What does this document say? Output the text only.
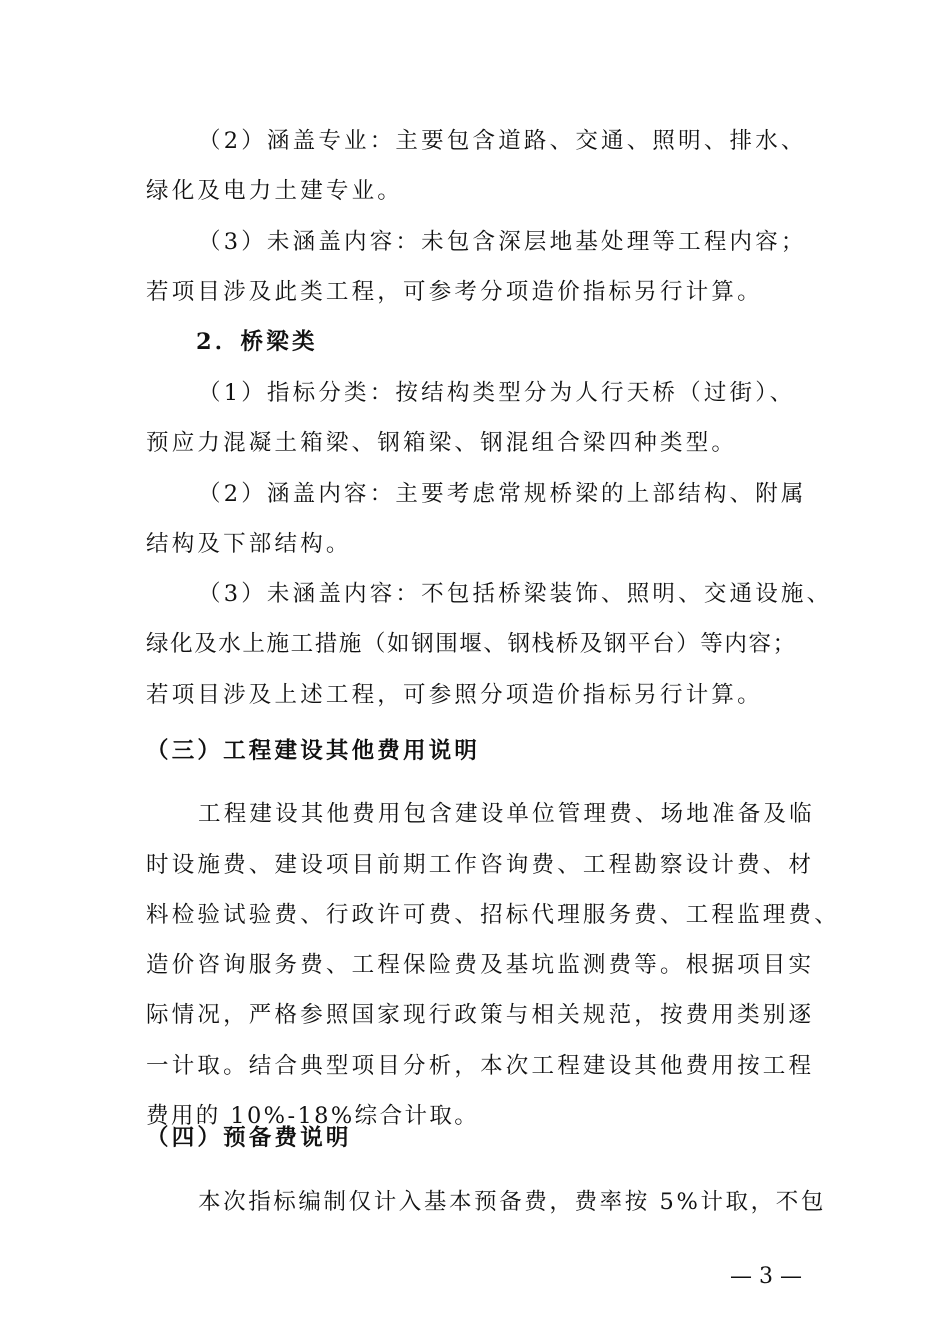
（2）涵盖专业：主要包含道路、交通、照明、排水、
绿化及电力土建专业。
（3）未涵盖内容：未包含深层地基处理等工程内容；
若项目涉及此类工程，可参考分项造价指标另行计算。
2．桥梁类
（1）指标分类：按结构类型分为人行天桥（过街）、
预应力混凝土箱梁、钢箱梁、钢混组合梁四种类型。
（2）涵盖内容：主要考虑常规桥梁的上部结构、附属
结构及下部结构。
（3）未涵盖内容：不包括桥梁装饰、照明、交通设施、
绿化及水上施工措施（如钢围堰、钢栈桥及钢平台）等内容；
若项目涉及上述工程，可参照分项造价指标另行计算。
（三）工程建设其他费用说明
工程建设其他费用包含建设单位管理费、场地准备及临
时设施费、建设项目前期工作咨询费、工程勘察设计费、材
料检验试验费、行政许可费、招标代理服务费、工程监理费、
造价咨询服务费、工程保险费及基坑监测费等。根据项目实
际情况，严格参照国家现行政策与相关规范，按费用类别逐
一计取。结合典型项目分析，本次工程建设其他费用按工程
费用的 10%-18%综合计取。
（四）预备费说明
本次指标编制仅计入基本预备费，费率按 5%计取，不包
— 3 —
